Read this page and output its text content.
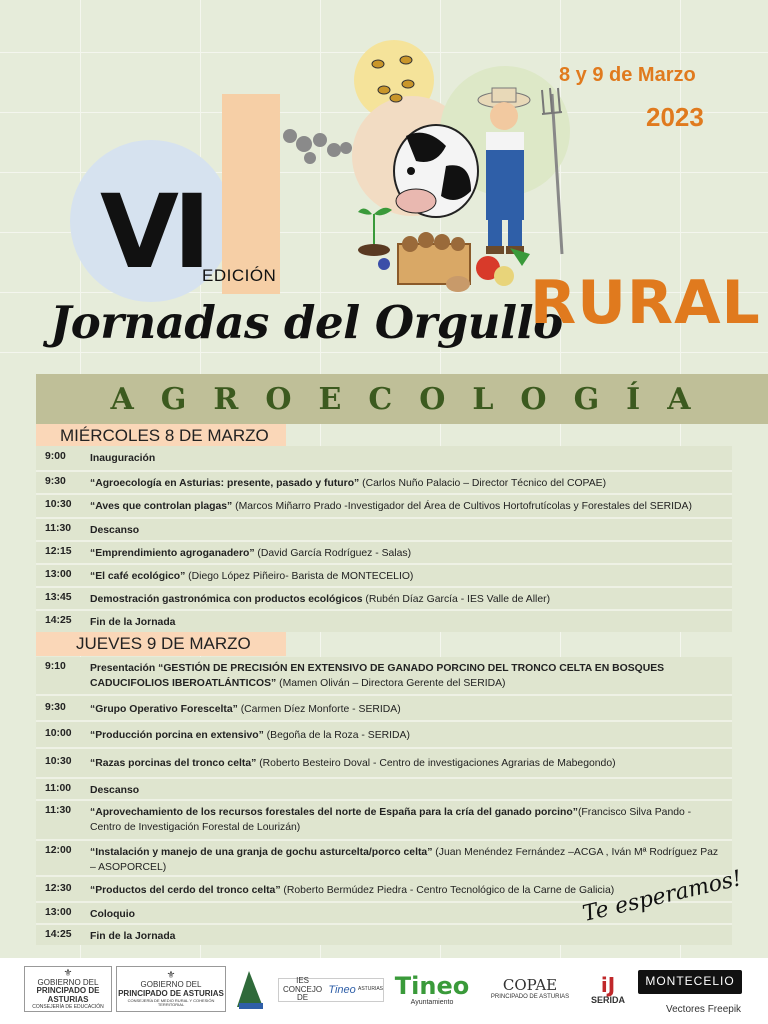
8 y 9 de Marzo
2023
VI
EDICIÓN
Jornadas del Orgullo
RURAL
AGROECOLOGÍA
MIÉRCOLES 8 DE MARZO
9:00	Inauguración
9:30	“Agroecología en Asturias: presente, pasado y futuro” (Carlos Nuño Palacio – Director Técnico del COPAE)
10:30	“Aves que controlan plagas” (Marcos Miñarro Prado -Investigador del Área de Cultivos Hortofrutícolas y Forestales del SERIDA)
11:30	Descanso
12:15	“Emprendimiento agroganadero” (David García Rodríguez - Salas)
13:00	“El café ecológico” (Diego López Piñeiro- Barista de MONTECELIO)
13:45	Demostración gastronómica con productos ecológicos (Rubén Díaz García - IES Valle de Aller)
14:25	Fin de la Jornada
JUEVES 9 DE MARZO
9:10	Presentación “GESTIÓN DE PRECISIÓN EN EXTENSIVO DE GANADO PORCINO DEL TRONCO CELTA EN BOSQUES CADUCIFOLIOS IBEROATLÁNTICOS” (Mamen Oliván – Directora Gerente del SERIDA)
9:30	“Grupo Operativo Foresceltа” (Carmen Díez Monforte - SERIDA)
10:00	“Producción porcina en extensivo” (Begoña de la Roza - SERIDA)
10:30	“Razas porcinas del tronco celta” (Roberto Besteiro Doval - Centro de investigaciones Agrarias de Mabegondo)
11:00	Descanso
11:30	“Aprovechamiento de los recursos forestales del norte de España para la cría del ganado porcino”(Francisco Silva Pando - Centro de Investigación Forestal de Lourizán)
12:00	“Instalación y manejo de una granja de gochu asturcelta/porco celta” (Juan Menéndez Fernández –ACGA , Iván Mª Rodríguez Paz – ASOPORCEL)
12:30	“Productos del cerdo del tronco celta” (Roberto Bermúdez Piedra - Centro Tecnológico de la Carne de Galicia)
13:00	Coloquio
14:25	Fin de la Jornada
Te esperamos!
⚜
GOBIERNO DEL
PRINCIPADO DE ASTURIAS
CONSEJERÍA DE EDUCACIÓN
⚜
GOBIERNO DEL
PRINCIPADO DE ASTURIAS
CONSEJERÍA DE MEDIO RURAL Y COHESIÓN TERRITORIAL
IES CONCEJO DE

Tineo
ASTURIAS Tineo
Ayuntamiento
COPAE
PRINCIPADO DE ASTURIAS iJ
SERIDA
MONTECELIO
Vectores Freepik
